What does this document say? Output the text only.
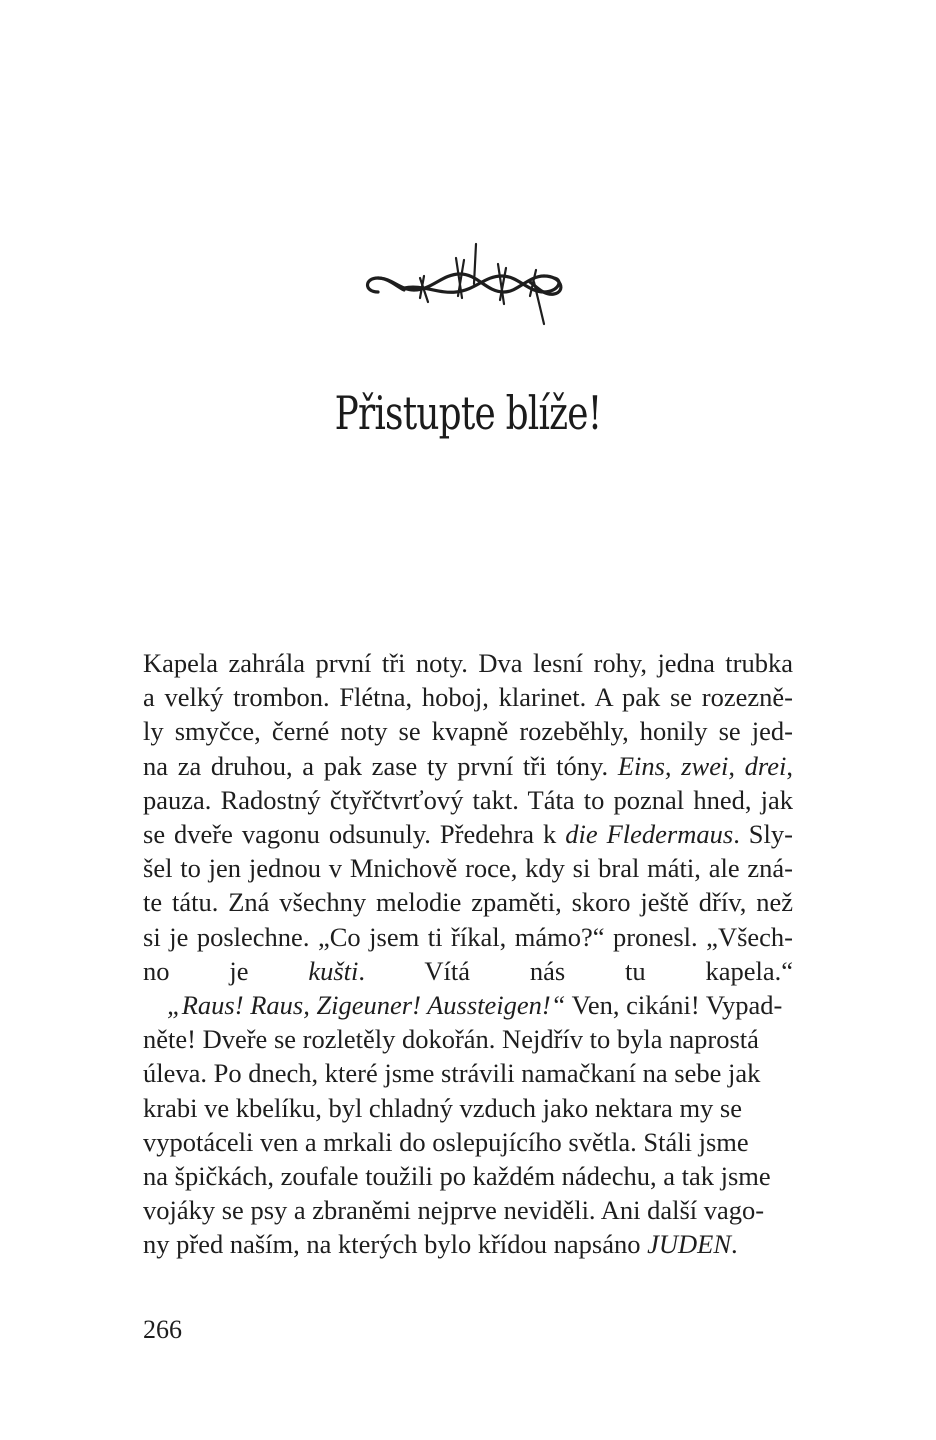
Přistupte blíže!

Kapela zahrála první tři noty. Dva lesní rohy, jedna trubka
a velký trombon. Flétna, hoboj, klarinet. A pak se rozezně-
ly smyčce, černé noty se kvapně rozeběhly, honily se jed-
na za druhou, a pak zase ty první tři tóny. Eins, zwei, drei,
pauza. Radostný čtyřčtvrťový takt. Táta to poznal hned, jak
se dveře vagonu odsunuly. Předehra k die Fledermaus. Sly-
šel to jen jednou v Mnichově roce, kdy si bral máti, ale zná-
te tátu. Zná všechny melodie zpaměti, skoro ještě dřív, než
si je poslechne. „Co jsem ti říkal, mámo?“ pronesl. „Všech-
no je kušti. Vítá nás tu kapela.“

„Raus! Raus, Zigeuner! Aussteigen!“ Ven, cikáni! Vypad-
něte! Dveře se rozletěly dokořán. Nejdřív to byla naprostá
úleva. Po dnech, které jsme strávili namačkaní na sebe jak
krabi ve kbelíku, byl chladný vzduch jako nektara my se
vypotáceli ven a mrkali do oslepujícího světla. Stáli jsme
na špičkách, zoufale toužili po každém nádechu, a tak jsme
vojáky se psy a zbraněmi nejprve neviděli. Ani další vago-
ny před naším, na kterých bylo křídou napsáno JUDEN.

266
